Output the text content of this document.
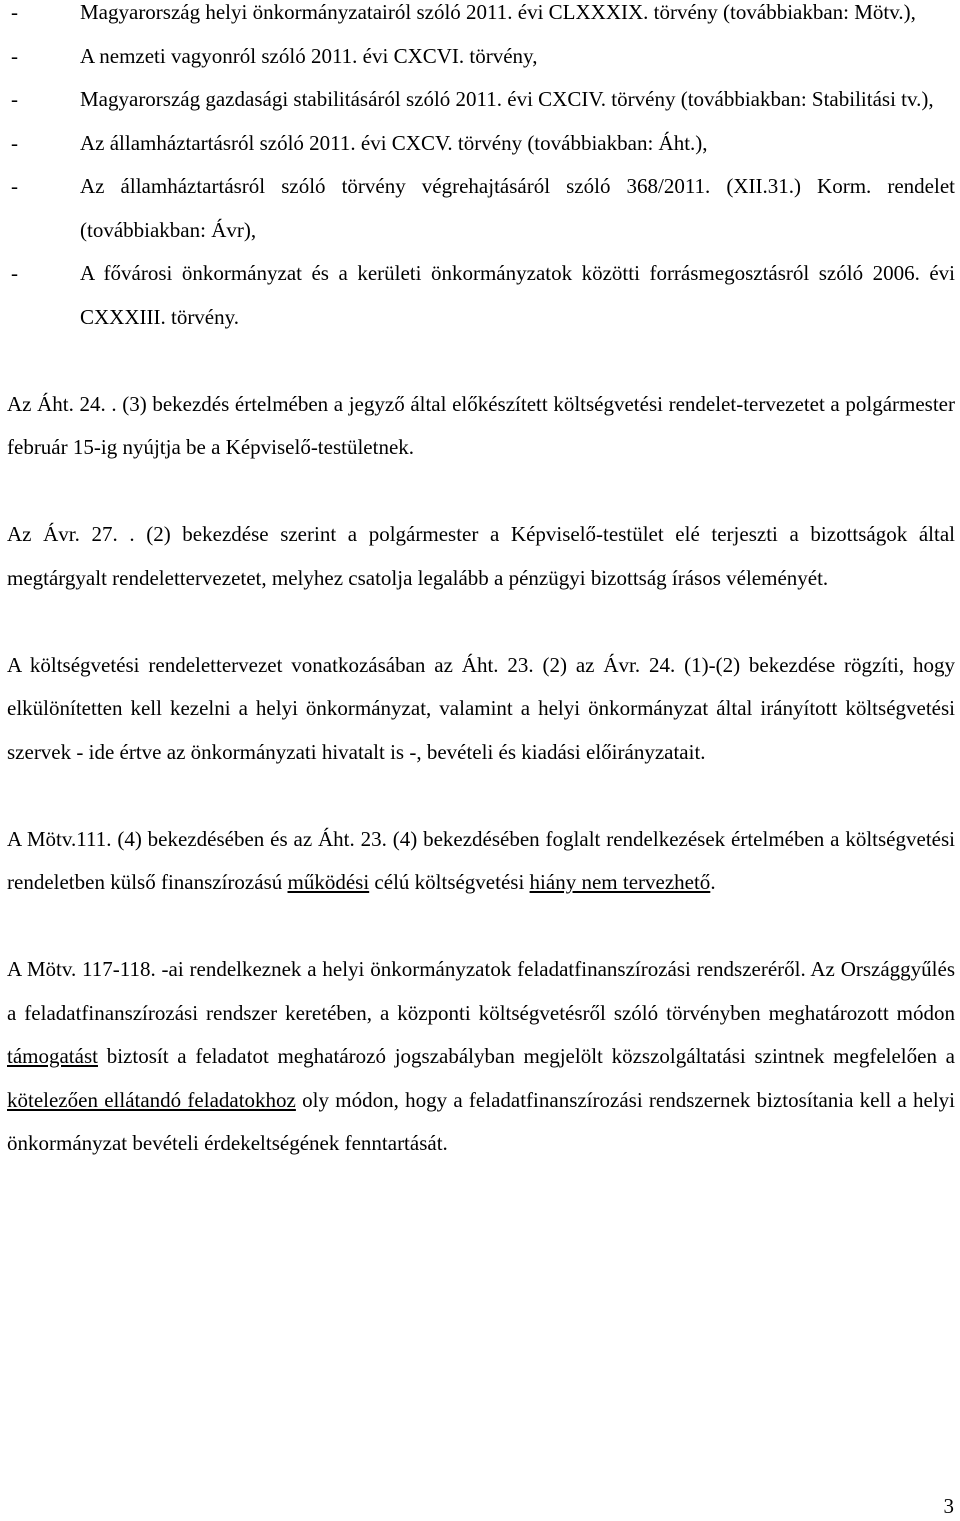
-	Magyarország helyi önkormányzatairól szóló 2011. évi CLXXXIX. törvény (továbbiakban: Mötv.),
-	A nemzeti vagyonról szóló 2011. évi CXCVI. törvény,
-	Magyarország gazdasági stabilitásáról szóló 2011. évi CXCIV. törvény (továbbiakban: Stabilitási tv.),
-	Az államháztartásról szóló 2011. évi CXCV. törvény (továbbiakban: Áht.),
-	Az államháztartásról szóló törvény végrehajtásáról szóló 368/2011. (XII.31.) Korm. rendelet (továbbiakban: Ávr),
-	A fővárosi önkormányzat és a kerületi önkormányzatok közötti forrásmegosztásról szóló 2006. évi CXXXIII. törvény.

Az Áht. 24. . (3) bekezdés értelmében a jegyző által előkészített költségvetési rendelet-tervezetet a polgármester február 15-ig nyújtja be a Képviselő-testületnek.

Az Ávr. 27. . (2) bekezdése szerint a polgármester a Képviselő-testület elé terjeszti a bizottságok által megtárgyalt rendelettervezetet, melyhez csatolja legalább a pénzügyi bizottság írásos véleményét.

A költségvetési rendelettervezet vonatkozásában az Áht. 23. (2) az Ávr. 24. (1)-(2) bekezdése rögzíti, hogy elkülönítetten kell kezelni a helyi önkormányzat, valamint a helyi önkormányzat által irányított költségvetési szervek - ide értve az önkormányzati hivatalt is -, bevételi és kiadási előirányzatait.

A Mötv.111. (4) bekezdésében és az Áht. 23. (4) bekezdésében foglalt rendelkezések értelmében a költségvetési rendeletben külső finanszírozású működési célú költségvetési hiány nem tervezhető.

A Mötv. 117-118. -ai rendelkeznek a helyi önkormányzatok feladatfinanszírozási rendszeréről. Az Országgyűlés a feladatfinanszírozási rendszer keretében, a központi költségvetésről szóló törvényben meghatározott módon támogatást biztosít a feladatot meghatározó jogszabályban megjelölt közszolgáltatási szintnek megfelelően a kötelezően ellátandó feladatokhoz oly módon, hogy a feladatfinanszírozási rendszernek biztosítania kell a helyi önkormányzat bevételi érdekeltségének fenntartását.

3
